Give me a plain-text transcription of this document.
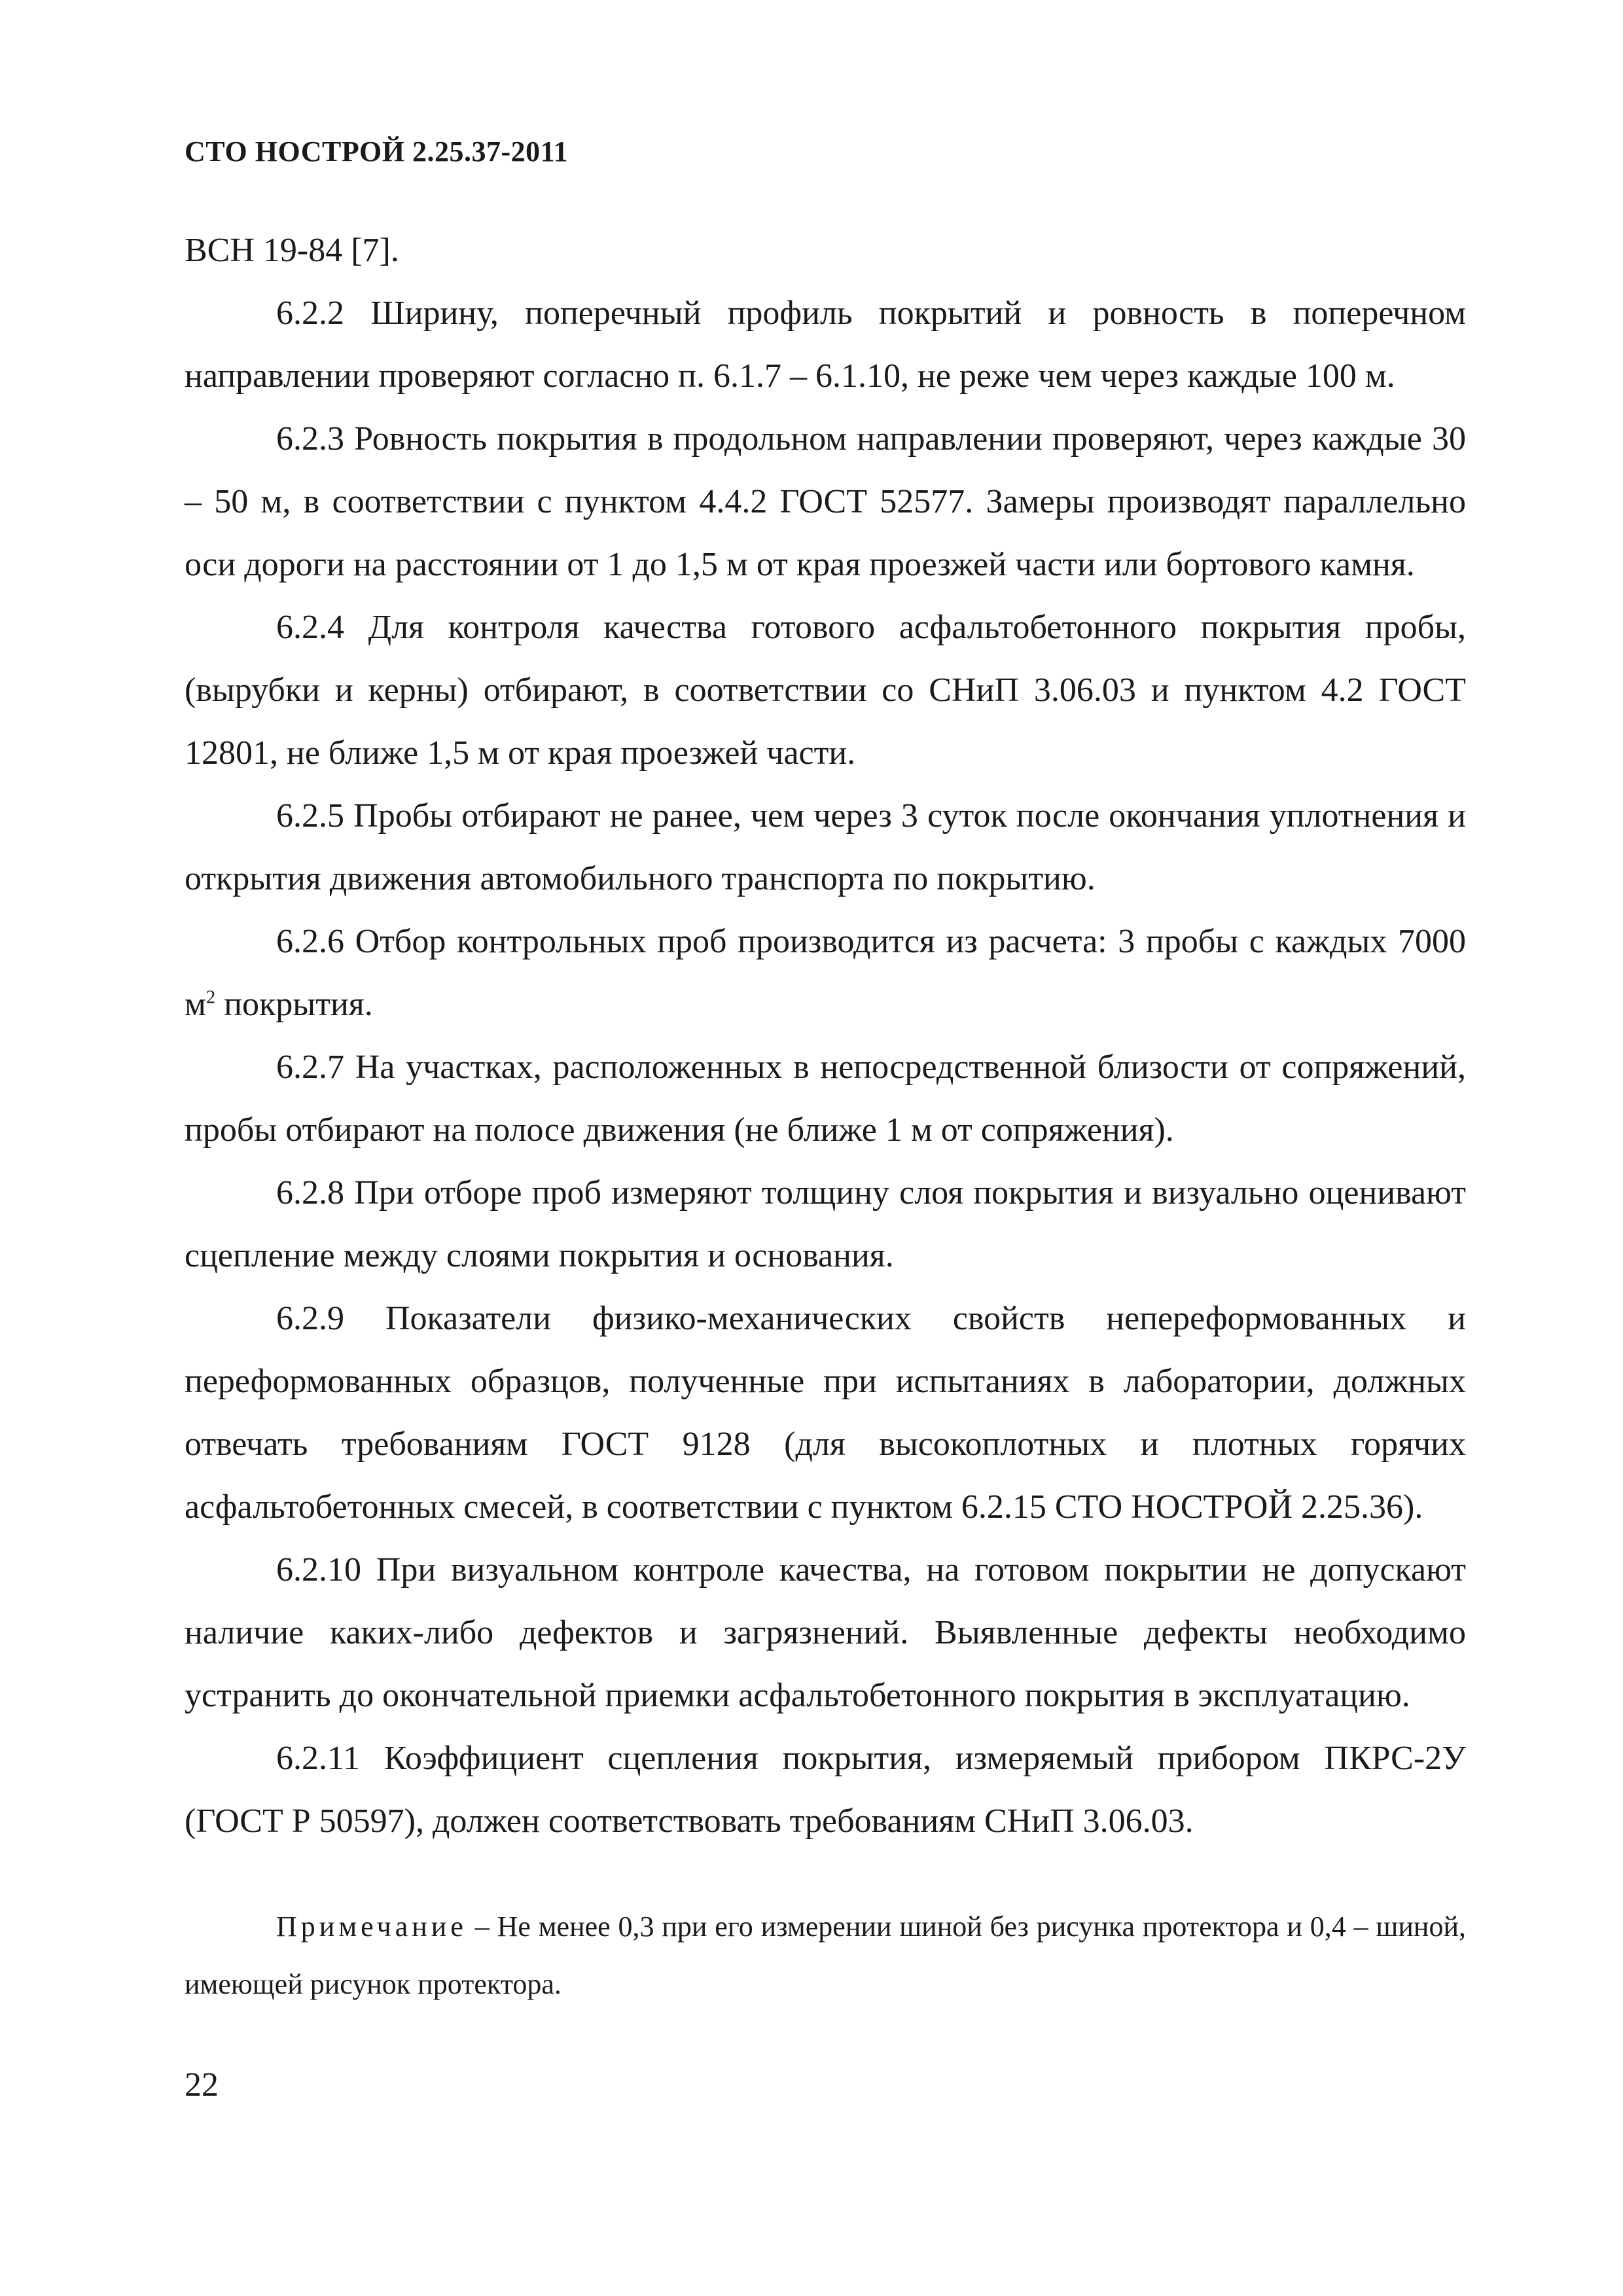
СТО НОСТРОЙ 2.25.37-2011

ВСН 19-84 [7].

6.2.2 Ширину, поперечный профиль покрытий и ровность в поперечном направлении проверяют согласно п. 6.1.7 – 6.1.10, не реже чем через каждые 100 м.

6.2.3 Ровность покрытия в продольном направлении проверяют, через каждые 30 – 50 м, в соответствии с пунктом 4.4.2 ГОСТ 52577. Замеры производят параллельно оси дороги на расстоянии от 1 до 1,5 м от края проезжей части или бортового камня.

6.2.4 Для контроля качества готового асфальтобетонного покрытия пробы, (вырубки и керны) отбирают, в соответствии со СНиП 3.06.03 и пунктом 4.2 ГОСТ 12801, не ближе 1,5 м от края проезжей части.

6.2.5 Пробы отбирают не ранее, чем через 3 суток после окончания уплотнения и открытия движения автомобильного транспорта по покрытию.

6.2.6 Отбор контрольных проб производится из расчета: 3 пробы с каждых 7000 $м^2$ покрытия.

6.2.7 На участках, расположенных в непосредственной близости от сопряжений, пробы отбирают на полосе движения (не ближе 1 м от сопряжения).

6.2.8 При отборе проб измеряют толщину слоя покрытия и визуально оценивают сцепление между слоями покрытия и основания.

6.2.9 Показатели физико-механических свойств непереформованных и переформованных образцов, полученные при испытаниях в лаборатории, должных отвечать требованиям ГОСТ 9128 (для высокоплотных и плотных горячих асфальтобетонных смесей, в соответствии с пунктом 6.2.15 СТО НОСТРОЙ 2.25.36).

6.2.10 При визуальном контроле качества, на готовом покрытии не допускают наличие каких-либо дефектов и загрязнений. Выявленные дефекты необходимо устранить до окончательной приемки асфальтобетонного покрытия в эксплуатацию.

6.2.11 Коэффициент сцепления покрытия, измеряемый прибором ПКРС-2У (ГОСТ Р 50597), должен соответствовать требованиям СНиП 3.06.03.

Примечание – Не менее 0,3 при его измерении шиной без рисунка протектора и 0,4 – шиной, имеющей рисунок протектора.
22
